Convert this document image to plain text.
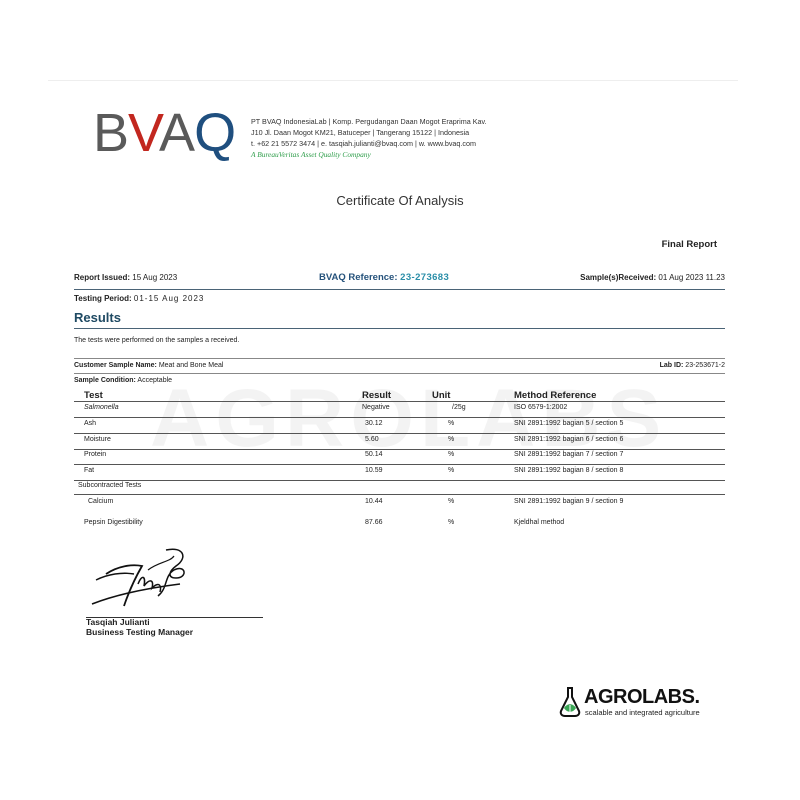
BVAQ PT BVAQ IndonesiaLab | Komp. Pergudangan Daan Mogot Eraprima Kav.
J10 Jl. Daan Mogot KM21, Batuceper | Tangerang 15122 | Indonesia
t. +62 21 5572 3474 | e. tasqiah.julianti@bvaq.com | w. www.bvaq.com
A BureauVeritas Asset Quality Company
Certificate Of Analysis
Final Report
Report Issued: 15 Aug 2023	BVAQ Reference: 23-273683	Sample(s)Received: 01 Aug 2023 11.23
Testing Period: 01-15 Aug 2023
Results
The tests were performed on the samples a received.
Customer Sample Name: Meat and Bone Meal	Lab ID: 23-253671-2
Sample Condition: Acceptable
Test	Result	Unit	Method Reference
Salmonella	Negative	/25g	ISO 6579-1:2002
Ash	30.12	%	SNI 2891:1992 bagian 5 / section 5
Moisture	5.60	%	SNI 2891:1992 bagian 6 / section 6
Protein	50.14	%	SNI 2891:1992 bagian 7 / section 7
Fat	10.59	%	SNI 2891:1992 bagian 8 / section 8
Subcontracted Tests
Calcium	10.44	%	SNI 2891:1992 bagian 9 / section 9
Pepsin Digestibility	87.66	%	Kjeldhal method
Tasqiah Julianti
Business Testing Manager
AGROLABS.
scalable and integrated agriculture
